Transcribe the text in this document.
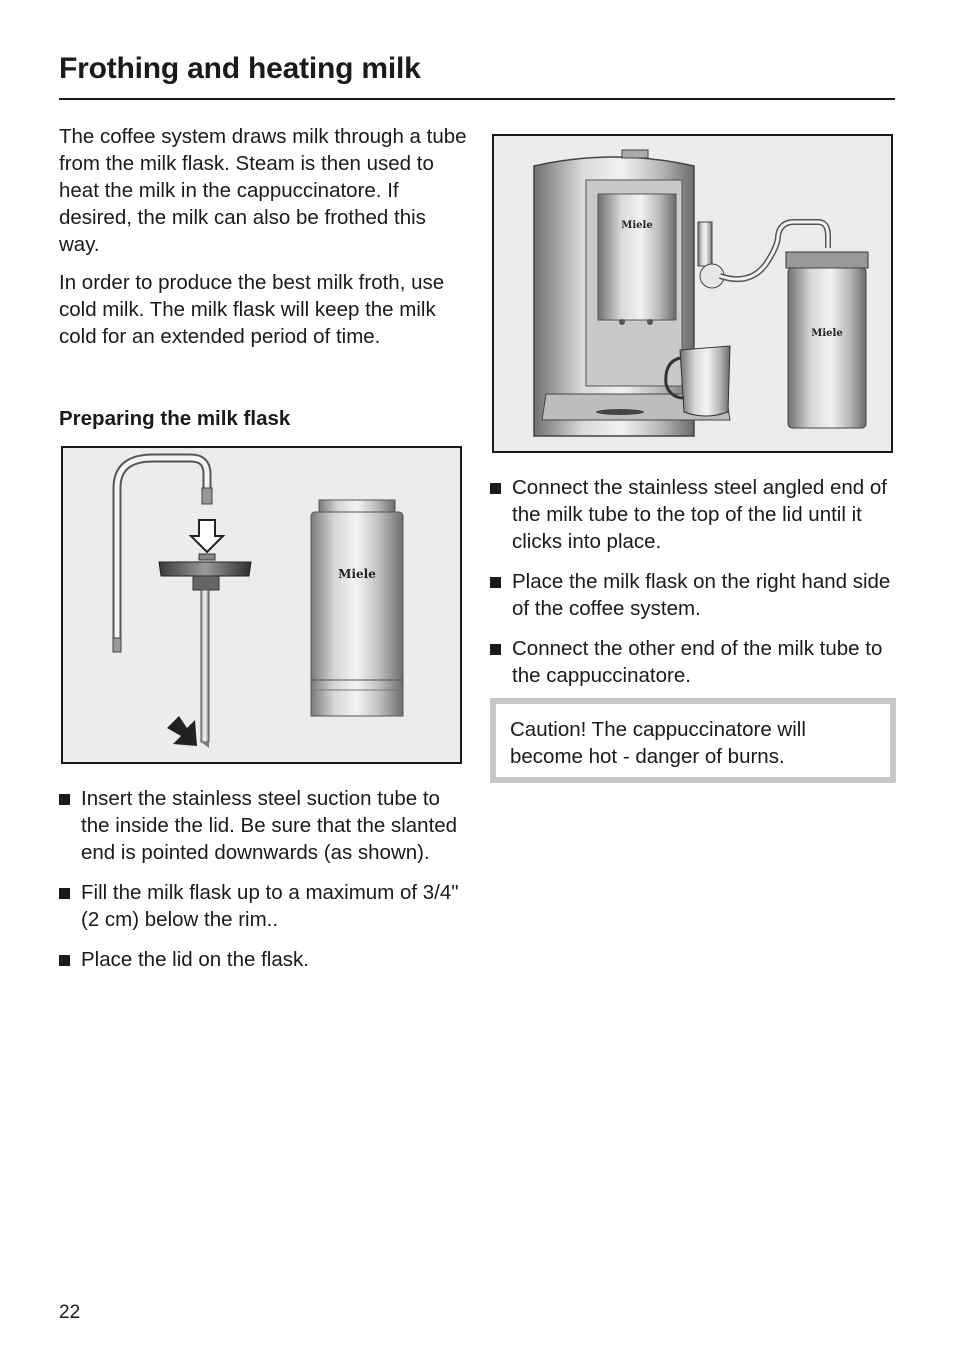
Frothing and heating milk

The coffee system draws milk through a tube from the milk flask. Steam is then used to heat the milk in the cappuccinatore. If desired, the milk can also be frothed this way.

In order to produce the best milk froth, use cold milk. The milk flask will keep the milk cold for an extended period of time.

Preparing the milk flask
Miele
Miele
Miele
Insert the stainless steel suction tube to the inside the lid. Be sure that the slanted end is pointed downwards (as shown).
Fill the milk flask up to a maximum of 3/4" (2 cm) below the rim..
Place the lid on the flask.
Connect the stainless steel angled end of the milk tube to the top of the lid until it clicks into place.
Place the milk flask on the right hand side of the coffee system.
Connect the other end of the milk tube to the cappuccinatore.
Caution! The cappuccinatore will become hot - danger of burns.
22
